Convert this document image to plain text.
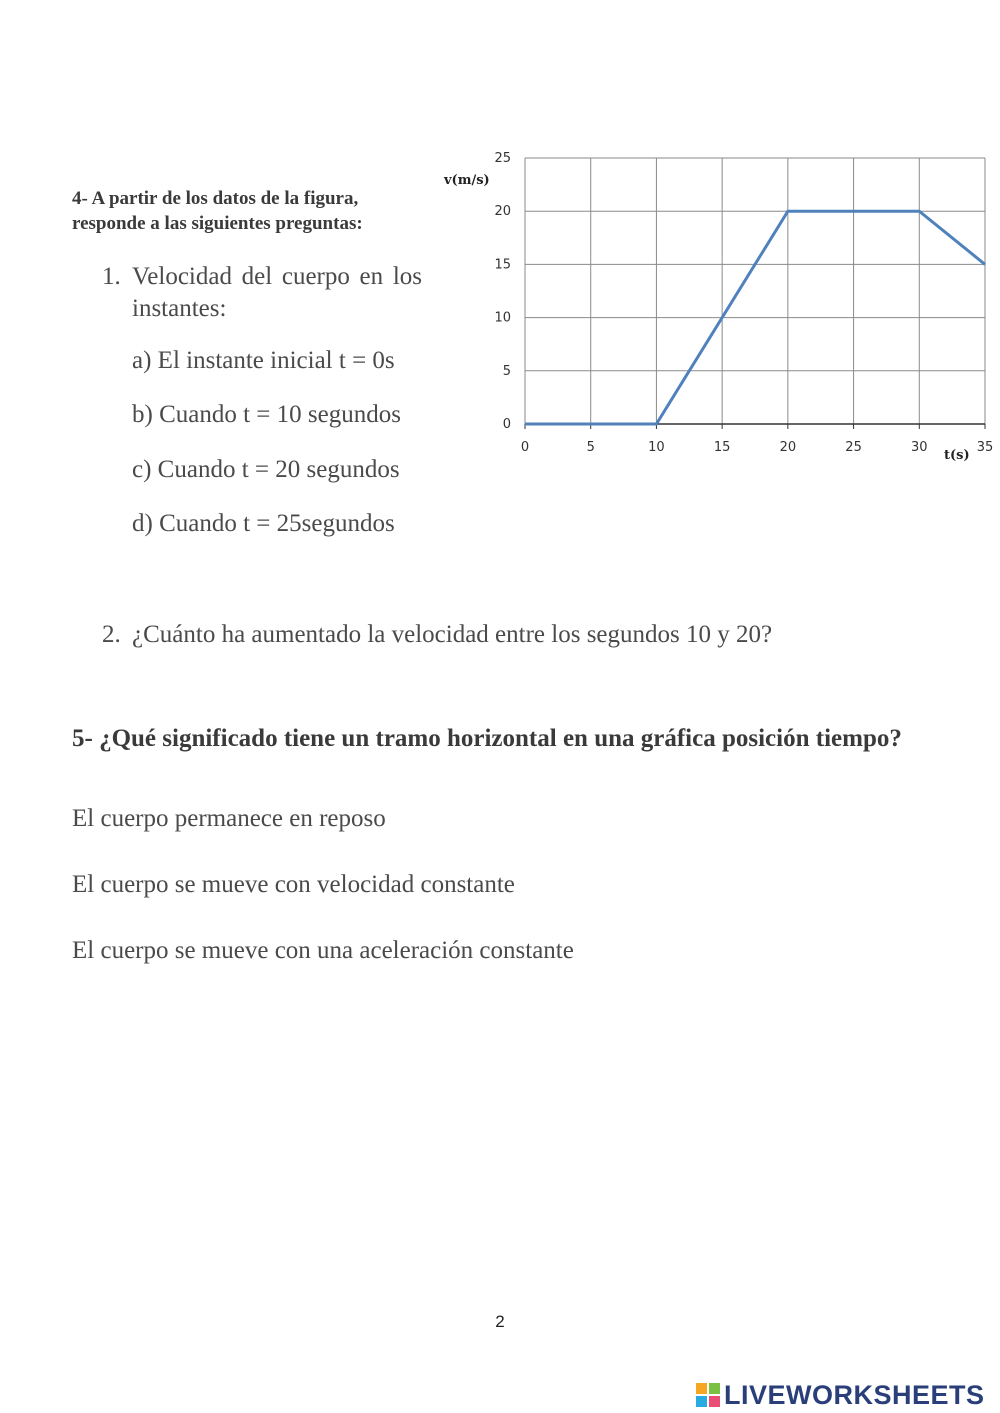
4- A partir de los datos de la figura,
responde a las siguientes preguntas:
1. Velocidad del cuerpo en los instantes:
a) El instante inicial t = 0s
b) Cuando t = 10 segundos
c) Cuando t = 20 segundos
d) Cuando t = 25segundos
2. ¿Cuánto ha aumentado la velocidad entre los segundos 10 y 20?
5- ¿Qué significado tiene un tramo horizontal en una gráfica posición tiempo?
El cuerpo permanece en reposo
El cuerpo se mueve con velocidad constante
El cuerpo se mueve con una aceleración constante
0	5	10	15	20	25	30	35
0
5
10
15
20
25
v(m/s)
t(s)
2
LIVEWORKSHEETS
